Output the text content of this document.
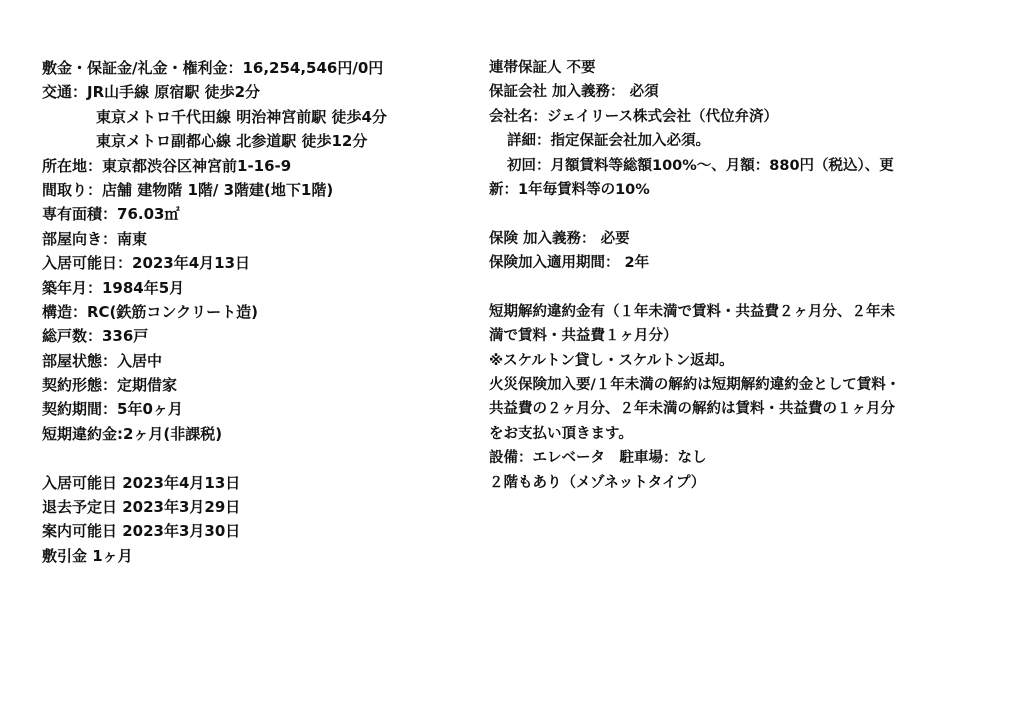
敷金・保証金/礼金・権利金：16,254,546円/0円
交通：JR山手線 原宿駅 徒歩2分
東京メトロ千代田線 明治神宮前駅 徒歩4分
東京メトロ副都心線 北参道駅 徒歩12分
所在地：東京都渋谷区神宮前1-16-9
間取り：店舗 建物階 1階/ 3階建(地下1階)
専有面積：76.03㎡
部屋向き：南東
入居可能日：2023年4月13日
築年月：1984年5月
構造：RC(鉄筋コンクリート造)
総戸数：336戸
部屋状態：入居中
契約形態：定期借家
契約期間：5年0ヶ月
短期違約金:2ヶ月(非課税)
入居可能日 2023年4月13日
退去予定日 2023年3月29日
案内可能日 2023年3月30日
敷引金 1ヶ月
連帯保証人 不要
保証会社 加入義務： 必須
会社名：ジェイリース株式会社（代位弁済）
詳細：指定保証会社加入必須。
初回：月額賃料等総額100%～、月額：880円（税込）、更
新：1年毎賃料等の10%
保険 加入義務： 必要
保険加入適用期間： 2年
短期解約違約金有（１年未満で賃料・共益費２ヶ月分、２年未
満で賃料・共益費１ヶ月分）
※スケルトン貸し・スケルトン返却。
火災保険加入要/１年未満の解約は短期解約違約金として賃料・
共益費の２ヶ月分、２年未満の解約は賃料・共益費の１ヶ月分
をお支払い頂きます。
設備：エレベータ　駐車場：なし
２階もあり（メゾネットタイプ）
